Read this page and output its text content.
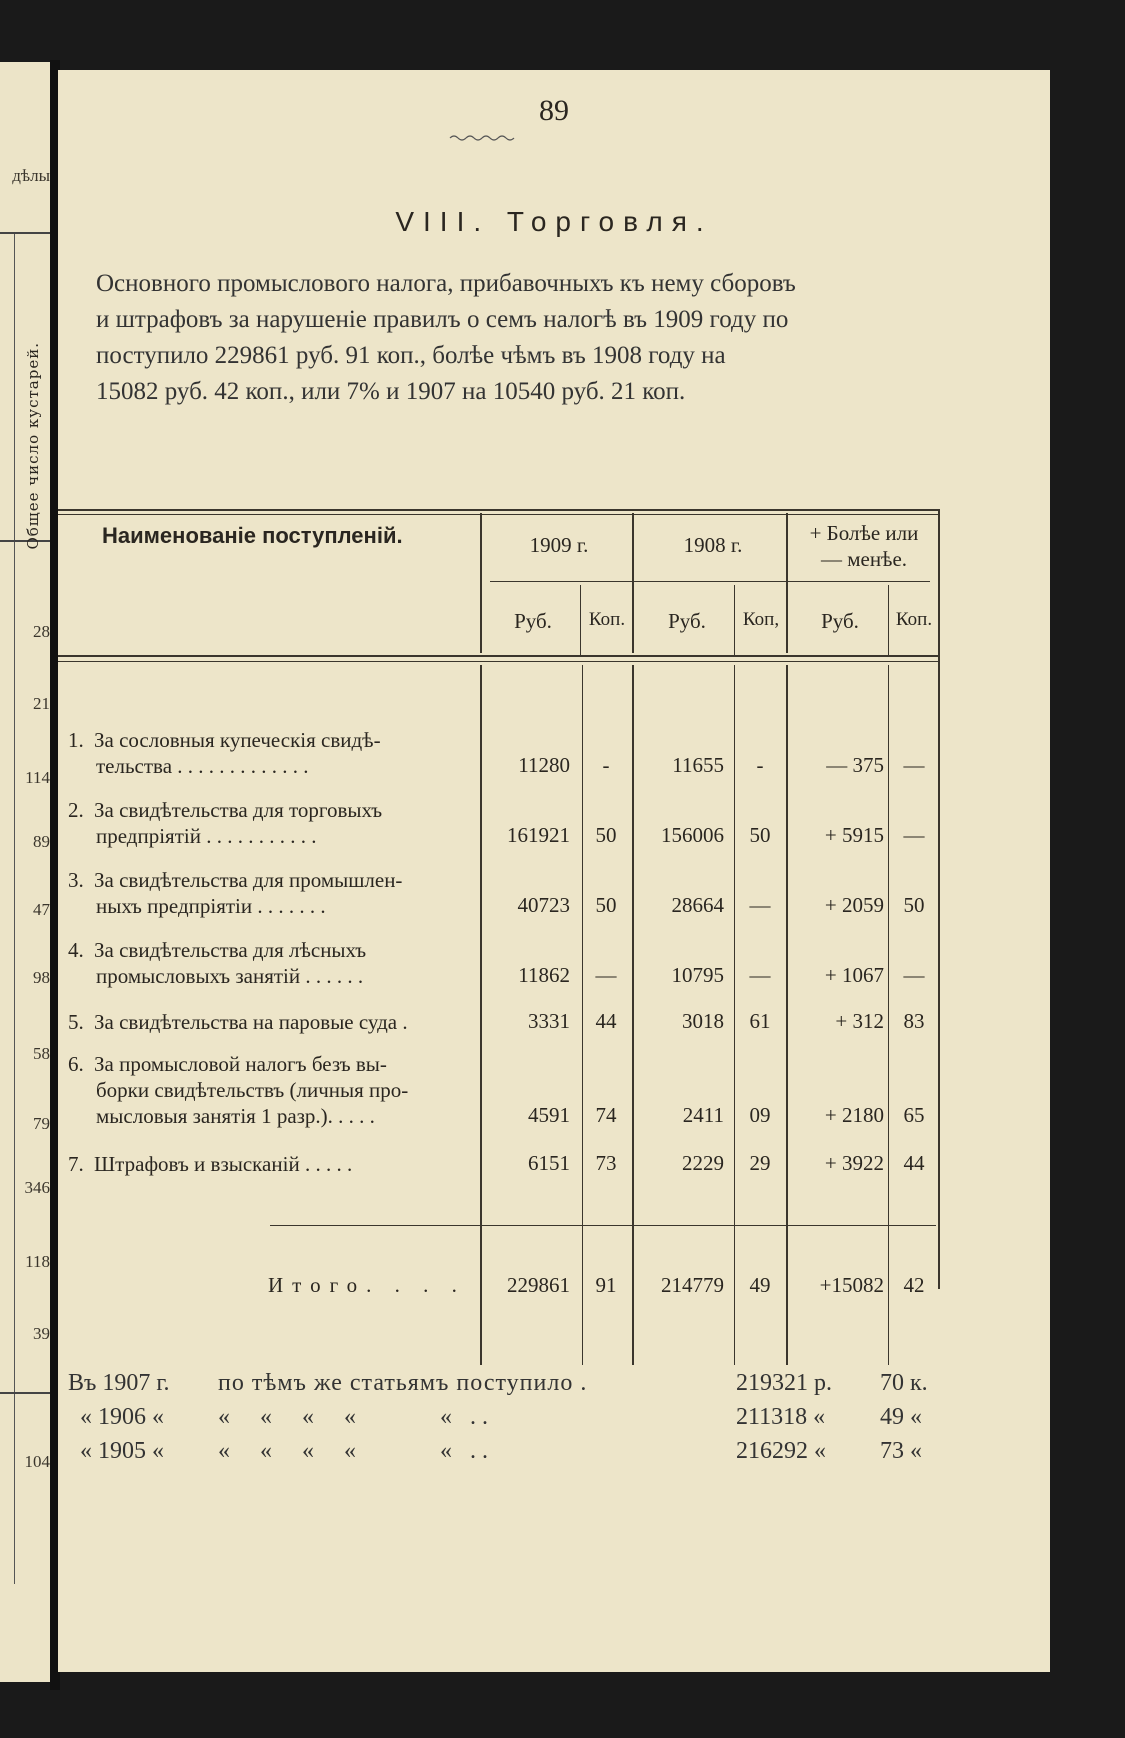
дѣлы
Общее число кустарей.
28
21
114
89
47
98
58
79
346
118
39
104
89
VIII. Торговля.
Основного промыслового налога, прибавочныхъ къ нему сборовъ
и штрафовъ за нарушеніе правилъ о семъ налогѣ въ 1909 году по
поступило 229861 руб. 91 коп., болѣе чѣмъ въ 1908 году на
15082 руб. 42 коп., или 7% и 1907 на 10540 руб. 21 коп.
Наименованіе поступленій.	1909 г.	1908 г.	+ Болѣе или
— менѣе.
Руб.	Коп.	Руб.	Коп,	Руб.	Коп.
1. За сословныя купеческія свидѣ-
тельства . . . . . . . . . . . . .	11280	-	11655	-	— 375 —
2. За свидѣтельства для торговыхъ
предпріятій . . . . . . . . . . .	161921	50	156006	50	+ 5915 —
3. За свидѣтельства для промышлен-
ныхъ предпріятіи . . . . . . .	40723	50	28664	—	+ 2059 50
4. За свидѣтельства для лѣсныхъ
промысловыхъ занятій . . . . . .	11862	—	10795	—	+ 1067 —
5. За свидѣтельства на паровые суда .	3331	44	3018	61	+ 312 83
6. За промысловой налогъ безъ вы-
борки свидѣтельствъ (личныя про-
мысловыя занятія 1 разр.). . . . .	4591	74	2411	09	+ 2180 65
7. Штрафовъ и взысканій . . . . .	6151	73	2229	29	+ 3922 44
Итого. . . .	229861	91	214779	49	+15082 42
Въ 1907 г. по тѣмъ же статьямъ поступило .	219321 р. 70 к.
« 1906 « «     «     «     «              «   . .	211318 « 49 «
« 1905 « «     «     «     «              «   . .	216292 « 73 «
